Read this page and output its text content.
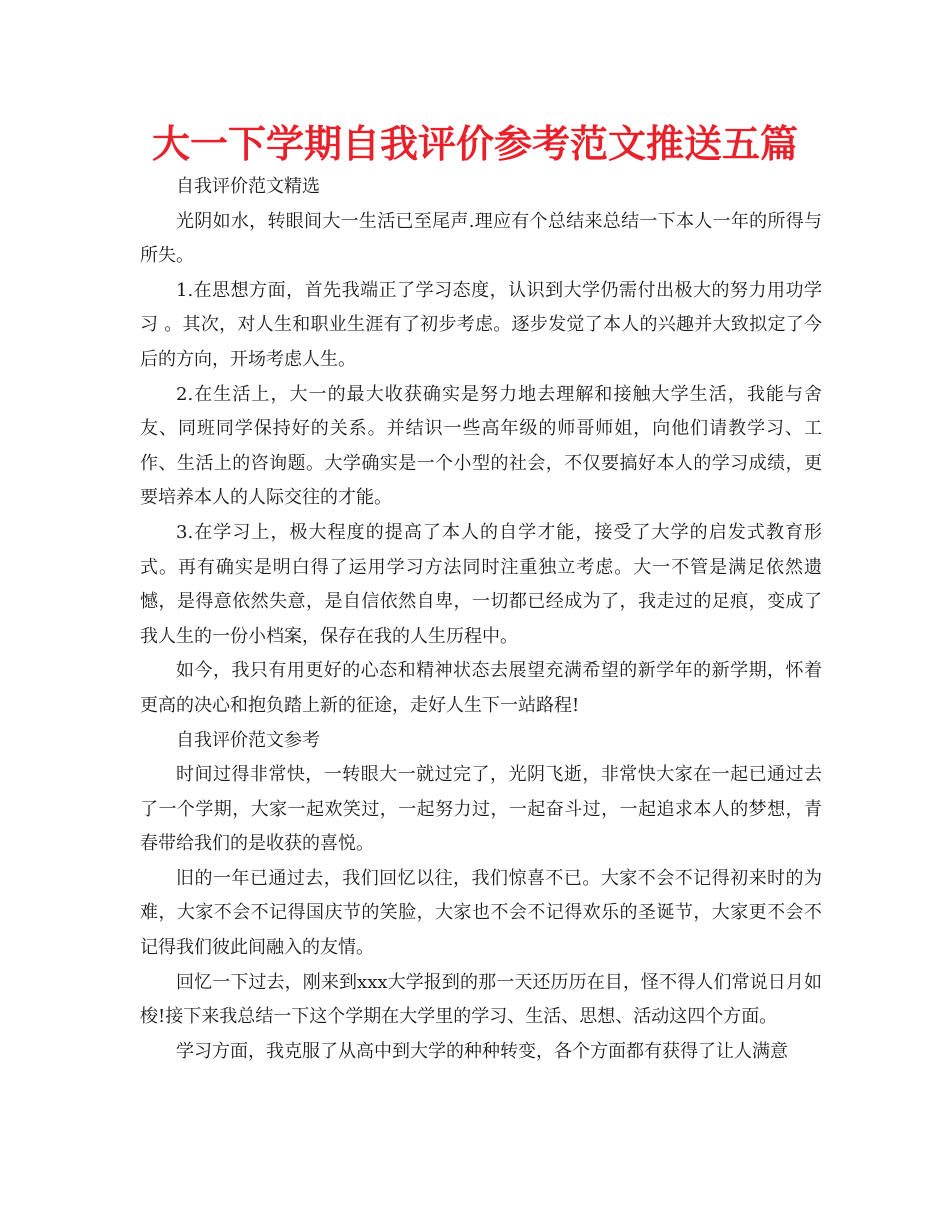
大一下学期自我评价参考范文推送五篇

自我评价范文精选

光阴如水，转眼间大一生活已至尾声.理应有个总结来总结一下本人一年的所得与所失。

1.在思想方面，首先我端正了学习态度，认识到大学仍需付出极大的努力用功学习 。其次，对人生和职业生涯有了初步考虑。逐步发觉了本人的兴趣并大致拟定了今后的方向，开场考虑人生。

2.在生活上，大一的最大收获确实是努力地去理解和接触大学生活，我能与舍友、同班同学保持好的关系。并结识一些高年级的师哥师姐，向他们请教学习、工作、生活上的咨询题。大学确实是一个小型的社会，不仅要搞好本人的学习成绩，更要培养本人的人际交往的才能。

3.在学习上，极大程度的提高了本人的自学才能，接受了大学的启发式教育形式。再有确实是明白得了运用学习方法同时注重独立考虑。大一不管是满足依然遗憾，是得意依然失意，是自信依然自卑，一切都已经成为了，我走过的足痕，变成了我人生的一份小档案，保存在我的人生历程中。

如今，我只有用更好的心态和精神状态去展望充满希望的新学年的新学期，怀着更高的决心和抱负踏上新的征途，走好人生下一站路程!

自我评价范文参考

时间过得非常快，一转眼大一就过完了，光阴飞逝，非常快大家在一起已通过去了一个学期，大家一起欢笑过，一起努力过，一起奋斗过，一起追求本人的梦想，青春带给我们的是收获的喜悦。

旧的一年已通过去，我们回忆以往，我们惊喜不已。大家不会不记得初来时的为难，大家不会不记得国庆节的笑脸，大家也不会不记得欢乐的圣诞节，大家更不会不记得我们彼此间融入的友情。

回忆一下过去，刚来到xxx大学报到的那一天还历历在目，怪不得人们常说日月如梭!接下来我总结一下这个学期在大学里的学习、生活、思想、活动这四个方面。

学习方面，我克服了从高中到大学的种种转变，各个方面都有获得了让人满意
